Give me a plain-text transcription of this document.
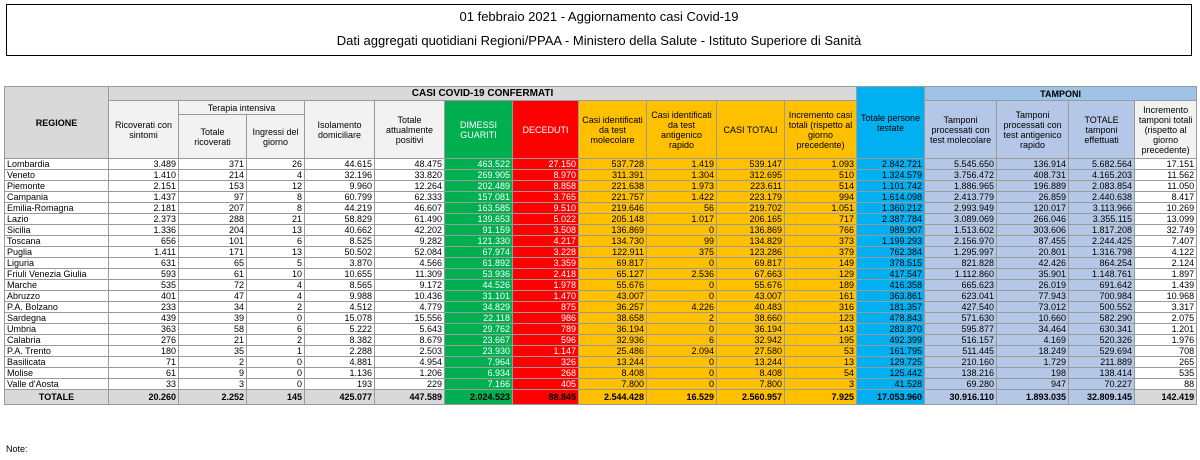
01 febbraio 2021 - Aggiornamento casi Covid-19
Dati aggregati quotidiani Regioni/PPAA - Ministero della Salute - Istituto Superiore di Sanità
REGIONE	CASI COVID-19 CONFERMATI											Totale persone testate	TAMPONI			
	Ricoverati con sintomi	Terapia intensiva		Isolamento domiciliare	Totale attualmente positivi	DIMESSI GUARITI	DECEDUTI	Casi identificati da test molecolare	Casi identificati da test antigenico rapido	CASI TOTALI	Incremento casi totali (rispetto al giorno precedente)		Tamponi processati con test molecolare	Tamponi processati con test antigenico rapido	TOTALE tamponi effettuati	Incremento tamponi totali (rispetto al giorno precedente)
		Totale ricoverati	Ingressi del giorno													
Lombardia	3.489	371	26	44.615	48.475	463.522	27.150	537.728	1.419	539.147	1.093	2.842.721	5.545.650	136.914	5.682.564	17.151
Veneto	1.410	214	4	32.196	33.820	269.905	8.970	311.391	1.304	312.695	510	1.324.579	3.756.472	408.731	4.165.203	11.562
Piemonte	2.151	153	12	9.960	12.264	202.489	8.858	221.638	1.973	223.611	514	1.101.742	1.886.965	196.889	2.083.854	11.050
Campania	1.437	97	8	60.799	62.333	157.081	3.765	221.757	1.422	223.179	994	1.614.098	2.413.779	26.859	2.440.638	8.417
Emilia-Romagna	2.181	207	8	44.219	46.607	163.585	9.510	219.646	56	219.702	1.051	1.360.212	2.993.949	120.017	3.113.966	10.269
Lazio	2.373	288	21	58.829	61.490	139.653	5.022	205.148	1.017	206.165	717	2.387.784	3.089.069	266.046	3.355.115	13.099
Sicilia	1.336	204	13	40.662	42.202	91.159	3.508	136.869	0	136.869	766	989.907	1.513.602	303.606	1.817.208	32.749
Toscana	656	101	6	8.525	9.282	121.330	4.217	134.730	99	134.829	373	1.199.293	2.156.970	87.455	2.244.425	7.407
Puglia	1.411	171	13	50.502	52.084	67.974	3.228	122.911	375	123.286	379	762.384	1.295.997	20.801	1.316.798	4.122
Liguria	631	65	5	3.870	4.566	61.892	3.359	69.817	0	69.817	149	378.515	821.828	42.426	864.254	2.124
Friuli Venezia Giulia	593	61	10	10.655	11.309	53.936	2.418	65.127	2.536	67.663	129	417.547	1.112.860	35.901	1.148.761	1.897
Marche	535	72	4	8.565	9.172	44.526	1.978	55.676	0	55.676	189	416.358	665.623	26.019	691.642	1.439
Abruzzo	401	47	4	9.988	10.436	31.101	1.470	43.007	0	43.007	161	363.861	623.041	77.943	700.984	10.968
P.A. Bolzano	233	34	2	4.512	4.779	34.829	875	36.257	4.226	40.483	316	181.357	427.540	73.012	500.552	3.317
Sardegna	439	39	0	15.078	15.556	22.118	986	38.658	2	38.660	123	478.843	571.630	10.660	582.290	2.075
Umbria	363	58	6	5.222	5.643	29.762	789	36.194	0	36.194	143	283.870	595.877	34.464	630.341	1.201
Calabria	276	21	2	8.382	8.679	23.667	596	32.936	6	32.942	195	492.399	516.157	4.169	520.326	1.976
P.A. Trento	180	35	1	2.288	2.503	23.930	1.147	25.486	2.094	27.580	53	161.795	511.445	18.249	529.694	708
Basilicata	71	2	0	4.881	4.954	7.964	326	13.244	0	13.244	13	129.725	210.160	1.729	211.889	265
Molise	61	9	0	1.136	1.206	6.934	268	8.408	0	8.408	54	125.442	138.216	198	138.414	535
Valle d'Aosta	33	3	0	193	229	7.166	405	7.800	0	7.800	3	41.528	69.280	947	70.227	88
TOTALE	20.260	2.252	145	425.077	447.589	2.024.523	88.845	2.544.428	16.529	2.560.957	7.925	17.053.960	30.916.110	1.893.035	32.809.145	142.419
Note:
